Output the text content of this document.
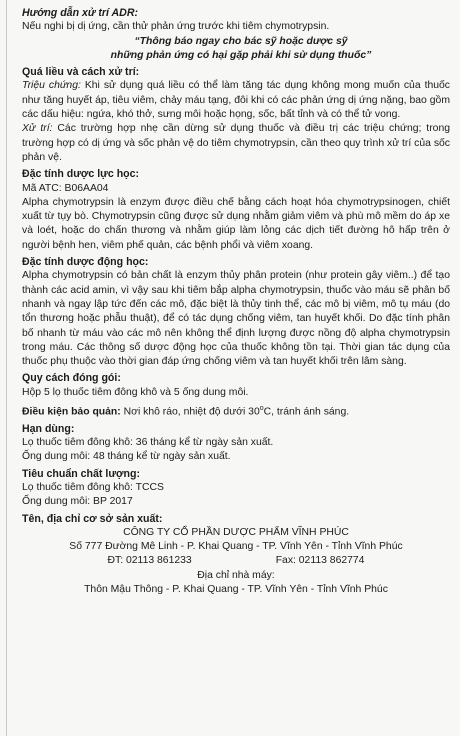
Hướng dẫn xử trí ADR:

Nếu nghi bị dị ứng, cần thử phản ứng trước khi tiêm chymotrypsin.

“Thông báo ngay cho bác sỹ hoặc dược sỹ

những phản ứng có hại gặp phải khi sử dụng thuốc”

Quá liều và cách xử trí:

Triệu chứng: Khi sử dụng quá liều có thể làm tăng tác dụng không mong muốn của thuốc như tăng huyết áp, tiêu viêm, chảy máu tạng, đôi khi có các phản ứng dị ứng nặng, bao gồm các dấu hiệu: ngứa, khó thở, sưng môi hoặc họng, sốc, bất tỉnh và có thể tử vong.

Xử trí: Các trường hợp nhẹ cần dừng sử dụng thuốc và điều trị các triệu chứng; trong trường hợp có dị ứng và sốc phản vệ do tiêm chymotrypsin, cần theo quy trình xử trí của sốc phản vệ.

Đặc tính dược lực học:

Mã ATC: B06AA04

Alpha chymotrypsin là enzym được điều chế bằng cách hoạt hóa chymotrypsinogen, chiết xuất từ tụy bò. Chymotrypsin cũng được sử dụng nhằm giảm viêm và phù mô mềm do áp xe và loét, hoặc do chấn thương và nhằm giúp làm lỏng các dịch tiết đường hô hấp trên ở người bệnh hen, viêm phế quản, các bệnh phổi và viêm xoang.

Đặc tính dược động học:

Alpha chymotrypsin có bản chất là enzym thủy phân protein (như protein gây viêm..) để tạo thành các acid amin, vì vậy sau khi tiêm bắp alpha chymotrypsin, thuốc vào máu sẽ phân bố nhanh và ngay lập tức đến các mô, đặc biệt là thủy tinh thể, các mô bị viêm, mô tụ máu (do tổn thương hoặc phẫu thuật), để có tác dụng chống viêm, tan huyết khối. Do đặc tính phân bố nhanh từ máu vào các mô nên không thể định lượng được nồng độ alpha chymotrypsin trong máu. Các thông số dược động học của thuốc không tồn tại. Thời gian tác dụng của thuốc phụ thuộc vào thời gian đáp ứng chống viêm và tan huyết khối trên lâm sàng.

Quy cách đóng gói:

Hộp 5 lọ thuốc tiêm đông khô và 5 ống dung môi.

Điều kiện bảo quản: Nơi khô ráo, nhiệt độ dưới 30$^o$C, tránh ánh sáng.

Hạn dùng:

Lọ thuốc tiêm đông khô: 36 tháng kể từ ngày sản xuất.

Ống dung môi: 48 tháng kể từ ngày sản xuất.

Tiêu chuẩn chất lượng:

Lọ thuốc tiêm đông khô: TCCS

Ống dung môi: BP 2017

Tên, địa chỉ cơ sở sản xuất:

CÔNG TY CỔ PHẦN DƯỢC PHẨM VĨNH PHÚC

Số 777 Đường Mê Linh - P. Khai Quang - TP. Vĩnh Yên - Tỉnh Vĩnh Phúc

ĐT: 02113 861233	Fax: 02113 862774

Địa chỉ nhà máy:

Thôn Mậu Thông - P. Khai Quang - TP. Vĩnh Yên - Tỉnh Vĩnh Phúc
